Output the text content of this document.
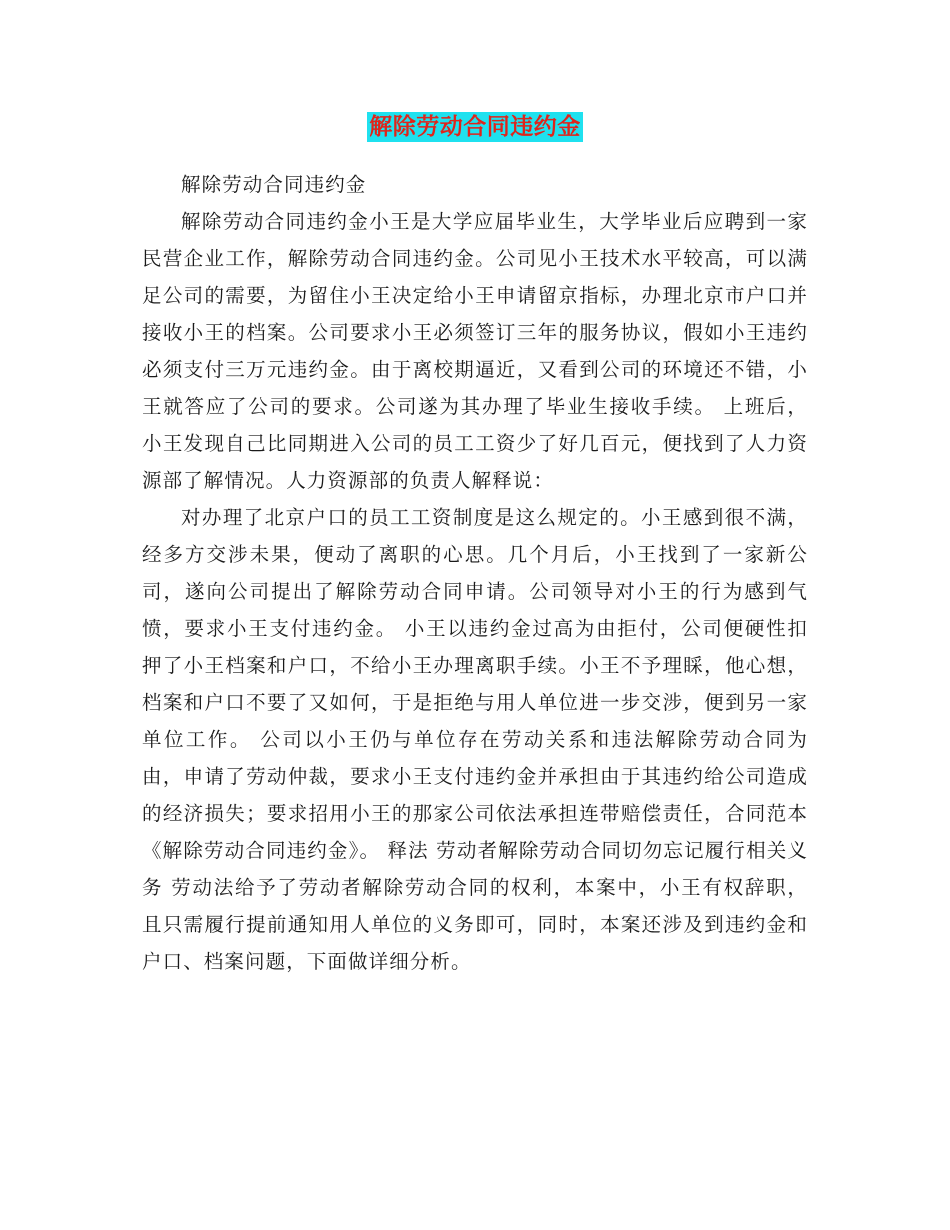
解除劳动合同违约金

解除劳动合同违约金

解除劳动合同违约金小王是大学应届毕业生，大学毕业后应聘到一家民营企业工作，解除劳动合同违约金。公司见小王技术水平较高，可以满足公司的需要，为留住小王决定给小王申请留京指标，办理北京市户口并接收小王的档案。公司要求小王必须签订三年的服务协议，假如小王违约必须支付三万元违约金。由于离校期逼近，又看到公司的环境还不错，小王就答应了公司的要求。公司遂为其办理了毕业生接收手续。 上班后，小王发现自己比同期进入公司的员工工资少了好几百元，便找到了人力资源部了解情况。人力资源部的负责人解释说：

对办理了北京户口的员工工资制度是这么规定的。小王感到很不满，经多方交涉未果，便动了离职的心思。几个月后，小王找到了一家新公司，遂向公司提出了解除劳动合同申请。公司领导对小王的行为感到气愤，要求小王支付违约金。 小王以违约金过高为由拒付，公司便硬性扣押了小王档案和户口，不给小王办理离职手续。小王不予理睬，他心想，档案和户口不要了又如何，于是拒绝与用人单位进一步交涉，便到另一家单位工作。 公司以小王仍与单位存在劳动关系和违法解除劳动合同为由，申请了劳动仲裁，要求小王支付违约金并承担由于其违约给公司造成的经济损失；要求招用小王的那家公司依法承担连带赔偿责任，合同范本《解除劳动合同违约金》。 释法 劳动者解除劳动合同切勿忘记履行相关义务 劳动法给予了劳动者解除劳动合同的权利，本案中，小王有权辞职，且只需履行提前通知用人单位的义务即可，同时，本案还涉及到违约金和户口、档案问题，下面做详细分析。
